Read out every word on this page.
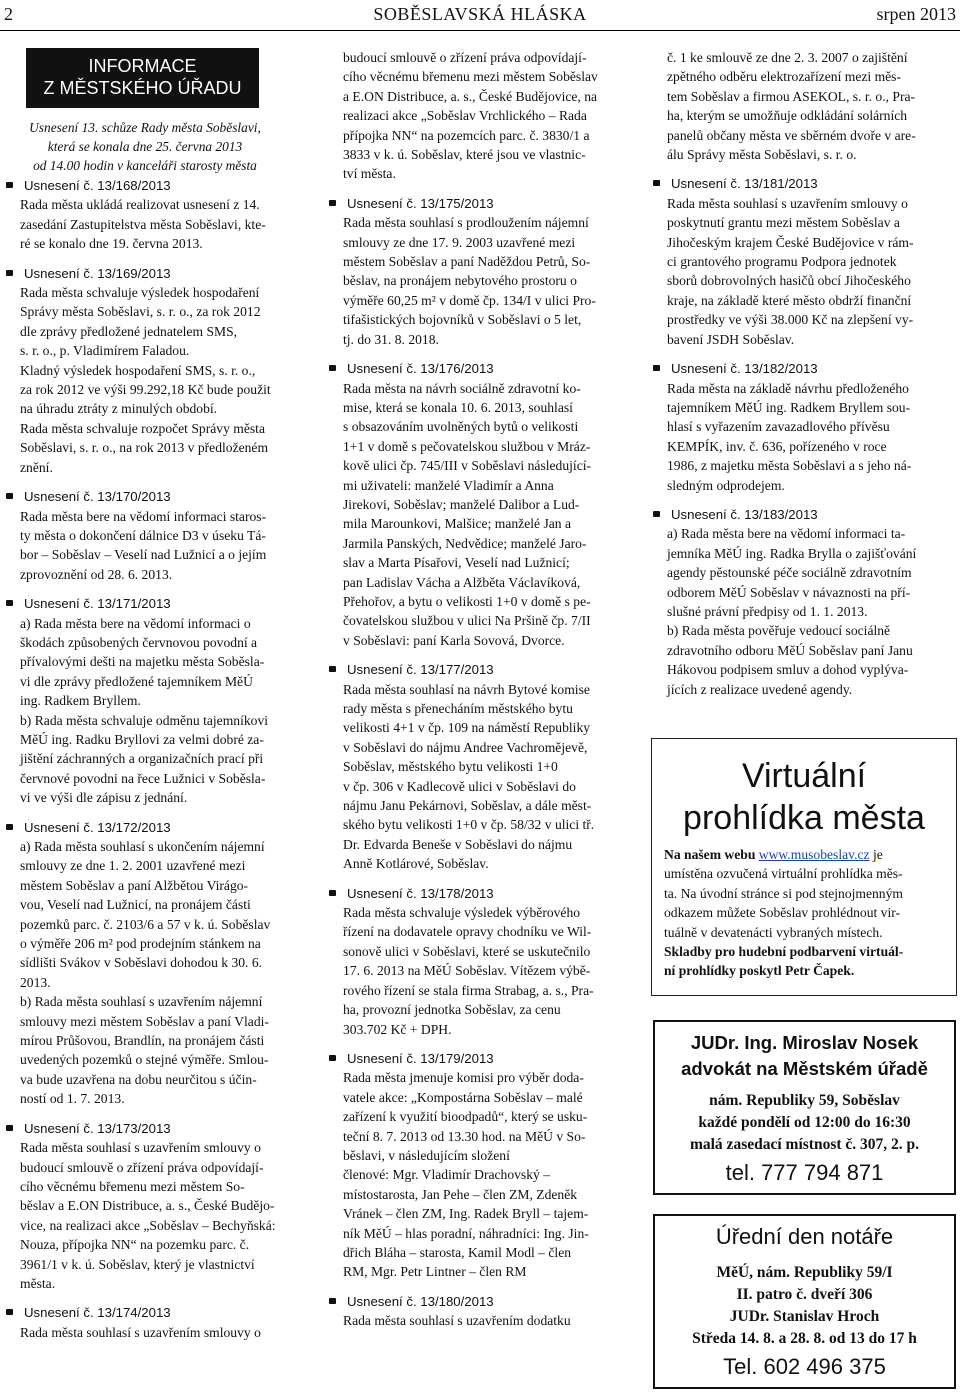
2	SOBĚSLAVSKÁ HLÁSKA	srpen 2013
INFORMACE
Z MĚSTSKÉHO ÚŘADU
Usnesení 13. schůze Rady města Soběslavi,
která se konala dne 25. června 2013
od 14.00 hodin v kanceláři starosty města
Usnesení č. 13/168/2013

Rada města ukládá realizovat usnesení z 14.

zasedání Zastupitelstva města Soběslavi, kte-

ré se konalo dne 19. června 2013.

Usnesení č. 13/169/2013

Rada města schvaluje výsledek hospodaření

Správy města Soběslavi, s. r. o., za rok 2012

dle zprávy předložené jednatelem SMS,

s. r. o., p. Vladimírem Faladou.

Kladný výsledek hospodaření SMS, s. r. o.,

za rok 2012 ve výši 99.292,18 Kč bude použit

na úhradu ztráty z minulých období.

Rada města schvaluje rozpočet Správy města

Soběslavi, s. r. o., na rok 2013 v předloženém

znění.

Usnesení č. 13/170/2013

Rada města bere na vědomí informaci staros-

ty města o dokončení dálnice D3 v úseku Tá-

bor – Soběslav – Veselí nad Lužnicí a o jejím

zprovoznění od 28. 6. 2013.

Usnesení č. 13/171/2013

a) Rada města bere na vědomí informaci o

škodách způsobených červnovou povodní a

přívalovými dešti na majetku města Soběsla-

vi dle zprávy předložené tajemníkem MěÚ

ing. Radkem Bryllem.

b) Rada města schvaluje odměnu tajemníkovi

MěÚ ing. Radku Bryllovi za velmi dobré za-

jištění záchranných a organizačních prací při

červnové povodni na řece Lužnici v Soběsla-

vi ve výši dle zápisu z jednání.

Usnesení č. 13/172/2013

a) Rada města souhlasí s ukončením nájemní

smlouvy ze dne 1. 2. 2001 uzavřené mezi

městem Soběslav a paní Alžbětou Virágo-

vou, Veselí nad Lužnicí, na pronájem části

pozemků parc. č. 2103/6 a 57 v k. ú. Soběslav

o výměře 206 m² pod prodejním stánkem na

sídlišti Svákov v Soběslavi dohodou k 30. 6.

2013.

b) Rada města souhlasí s uzavřením nájemní

smlouvy mezi městem Soběslav a paní Vladi-

mírou Průšovou, Brandlín, na pronájem části

uvedených pozemků o stejné výměře. Smlou-

va bude uzavřena na dobu neurčitou s účin-

ností od 1. 7. 2013.

Usnesení č. 13/173/2013

Rada města souhlasí s uzavřením smlouvy o

budoucí smlouvě o zřízení práva odpovídají-

cího věcnému břemenu mezi městem So-

běslav a E.ON Distribuce, a. s., České Budějo-

vice, na realizaci akce „Soběslav – Bechyňská:

Nouza, přípojka NN“ na pozemku parc. č.

3961/1 v k. ú. Soběslav, který je vlastnictví

města.

Usnesení č. 13/174/2013

Rada města souhlasí s uzavřením smlouvy o

budoucí smlouvě o zřízení práva odpovídají-

cího věcnému břemenu mezi městem Soběslav

a E.ON Distribuce, a. s., České Budějovice, na

realizaci akce „Soběslav Vrchlického – Rada

přípojka NN“ na pozemcích parc. č. 3830/1 a

3833 v k. ú. Soběslav, které jsou ve vlastnic-

tví města.

Usnesení č. 13/175/2013

Rada města souhlasí s prodloužením nájemní

smlouvy ze dne 17. 9. 2003 uzavřené mezi

městem Soběslav a paní Naděždou Petrů, So-

běslav, na pronájem nebytového prostoru o

výměře 60,25 m² v domě čp. 134/I v ulici Pro-

tifašistických bojovníků v Soběslavi o 5 let,

tj. do 31. 8. 2018.

Usnesení č. 13/176/2013

Rada města na návrh sociálně zdravotní ko-

mise, která se konala 10. 6. 2013, souhlasí

s obsazováním uvolněných bytů o velikosti

1+1 v domě s pečovatelskou službou v Mráz-

kově ulici čp. 745/III v Soběslavi následující-

mi uživateli: manželé Vladimír a Anna

Jirekovi, Soběslav; manželé Dalibor a Lud-

mila Marounkovi, Malšice; manželé Jan a

Jarmila Panských, Nedvědice; manželé Jaro-

slav a Marta Písařovi, Veselí nad Lužnicí;

pan Ladislav Vácha a Alžběta Václavíková,

Přehořov, a bytu o velikosti 1+0 v domě s pe-

čovatelskou službou v ulici Na Pršině čp. 7/II

v Soběslavi: paní Karla Sovová, Dvorce.

Usnesení č. 13/177/2013

Rada města souhlasí na návrh Bytové komise

rady města s přenecháním městského bytu

velikosti 4+1 v čp. 109 na náměstí Republiky

v Soběslavi do nájmu Andree Vachromějevě,

Soběslav, městského bytu velikosti 1+0

v čp. 306 v Kadlecově ulici v Soběslavi do

nájmu Janu Pekárnovi, Soběslav, a dále měst-

ského bytu velikosti 1+0 v čp. 58/32 v ulici tř.

Dr. Edvarda Beneše v Soběslavi do nájmu

Anně Kotlárové, Soběslav.

Usnesení č. 13/178/2013

Rada města schvaluje výsledek výběrového

řízení na dodavatele opravy chodníku ve Wil-

sonově ulici v Soběslavi, které se uskutečnilo

17. 6. 2013 na MěÚ Soběslav. Vítězem výbě-

rového řízení se stala firma Strabag, a. s., Pra-

ha, provozní jednotka Soběslav, za cenu

303.702 Kč + DPH.

Usnesení č. 13/179/2013

Rada města jmenuje komisi pro výběr doda-

vatele akce: „Kompostárna Soběslav – malé

zařízení k využití bioodpadů“, který se usku-

teční 8. 7. 2013 od 13.30 hod. na MěÚ v So-

běslavi, v následujícím složení

členové: Mgr. Vladimír Drachovský –

místostarosta, Jan Pehe – člen ZM, Zdeněk

Vránek – člen ZM, Ing. Radek Bryll – tajem-

ník MěÚ – hlas poradní, náhradníci: Ing. Jin-

dřich Bláha – starosta, Kamil Modl – člen

RM, Mgr. Petr Lintner – člen RM

Usnesení č. 13/180/2013

Rada města souhlasí s uzavřením dodatku

č. 1 ke smlouvě ze dne 2. 3. 2007 o zajištění

zpětného odběru elektrozařízení mezi měs-

tem Soběslav a firmou ASEKOL, s. r. o., Pra-

ha, kterým se umožňuje odkládání solárních

panelů občany města ve sběrném dvoře v are-

álu Správy města Soběslavi, s. r. o.

Usnesení č. 13/181/2013

Rada města souhlasí s uzavřením smlouvy o

poskytnutí grantu mezi městem Soběslav a

Jihočeským krajem České Budějovice v rám-

ci grantového programu Podpora jednotek

sborů dobrovolných hasičů obcí Jihočeského

kraje, na základě které město obdrží finanční

prostředky ve výši 38.000 Kč na zlepšení vy-

bavení JSDH Soběslav.

Usnesení č. 13/182/2013

Rada města na základě návrhu předloženého

tajemníkem MěÚ ing. Radkem Bryllem sou-

hlasí s vyřazením zavazadlového přívěsu

KEMPÍK, inv. č. 636, pořízeného v roce

1986, z majetku města Soběslavi a s jeho ná-

sledným odprodejem.

Usnesení č. 13/183/2013

a) Rada města bere na vědomí informaci ta-

jemníka MěÚ ing. Radka Brylla o zajišťování

agendy pěstounské péče sociálně zdravotním

odborem MěÚ Soběslav v návaznosti na pří-

slušné právní předpisy od 1. 1. 2013.

b) Rada města pověřuje vedoucí sociálně

zdravotního odboru MěÚ Soběslav paní Janu

Hákovou podpisem smluv a dohod vyplýva-

jících z realizace uvedené agendy.

Virtuální
prohlídka města
Na našem webu www.musobeslav.cz je
umístěna ozvučená virtuální prohlídka měs-
ta. Na úvodní stránce si pod stejnojmenným
odkazem můžete Soběslav prohlédnout vir-
tuálně v devatenácti vybraných místech.
Skladby pro hudební podbarvení virtuál-
ní prohlídky poskytl Petr Čapek.
JUDr. Ing. Miroslav Nosek
advokát na Městském úřadě
nám. Republiky 59, Soběslav
každé pondělí od 12:00 do 16:30
malá zasedací místnost č. 307, 2. p.
tel. 777 794 871
Úřední den notáře
MěÚ, nám. Republiky 59/I
II. patro č. dveří 306
JUDr. Stanislav Hroch
Středa 14. 8. a 28. 8. od 13 do 17 h
Tel. 602 496 375
